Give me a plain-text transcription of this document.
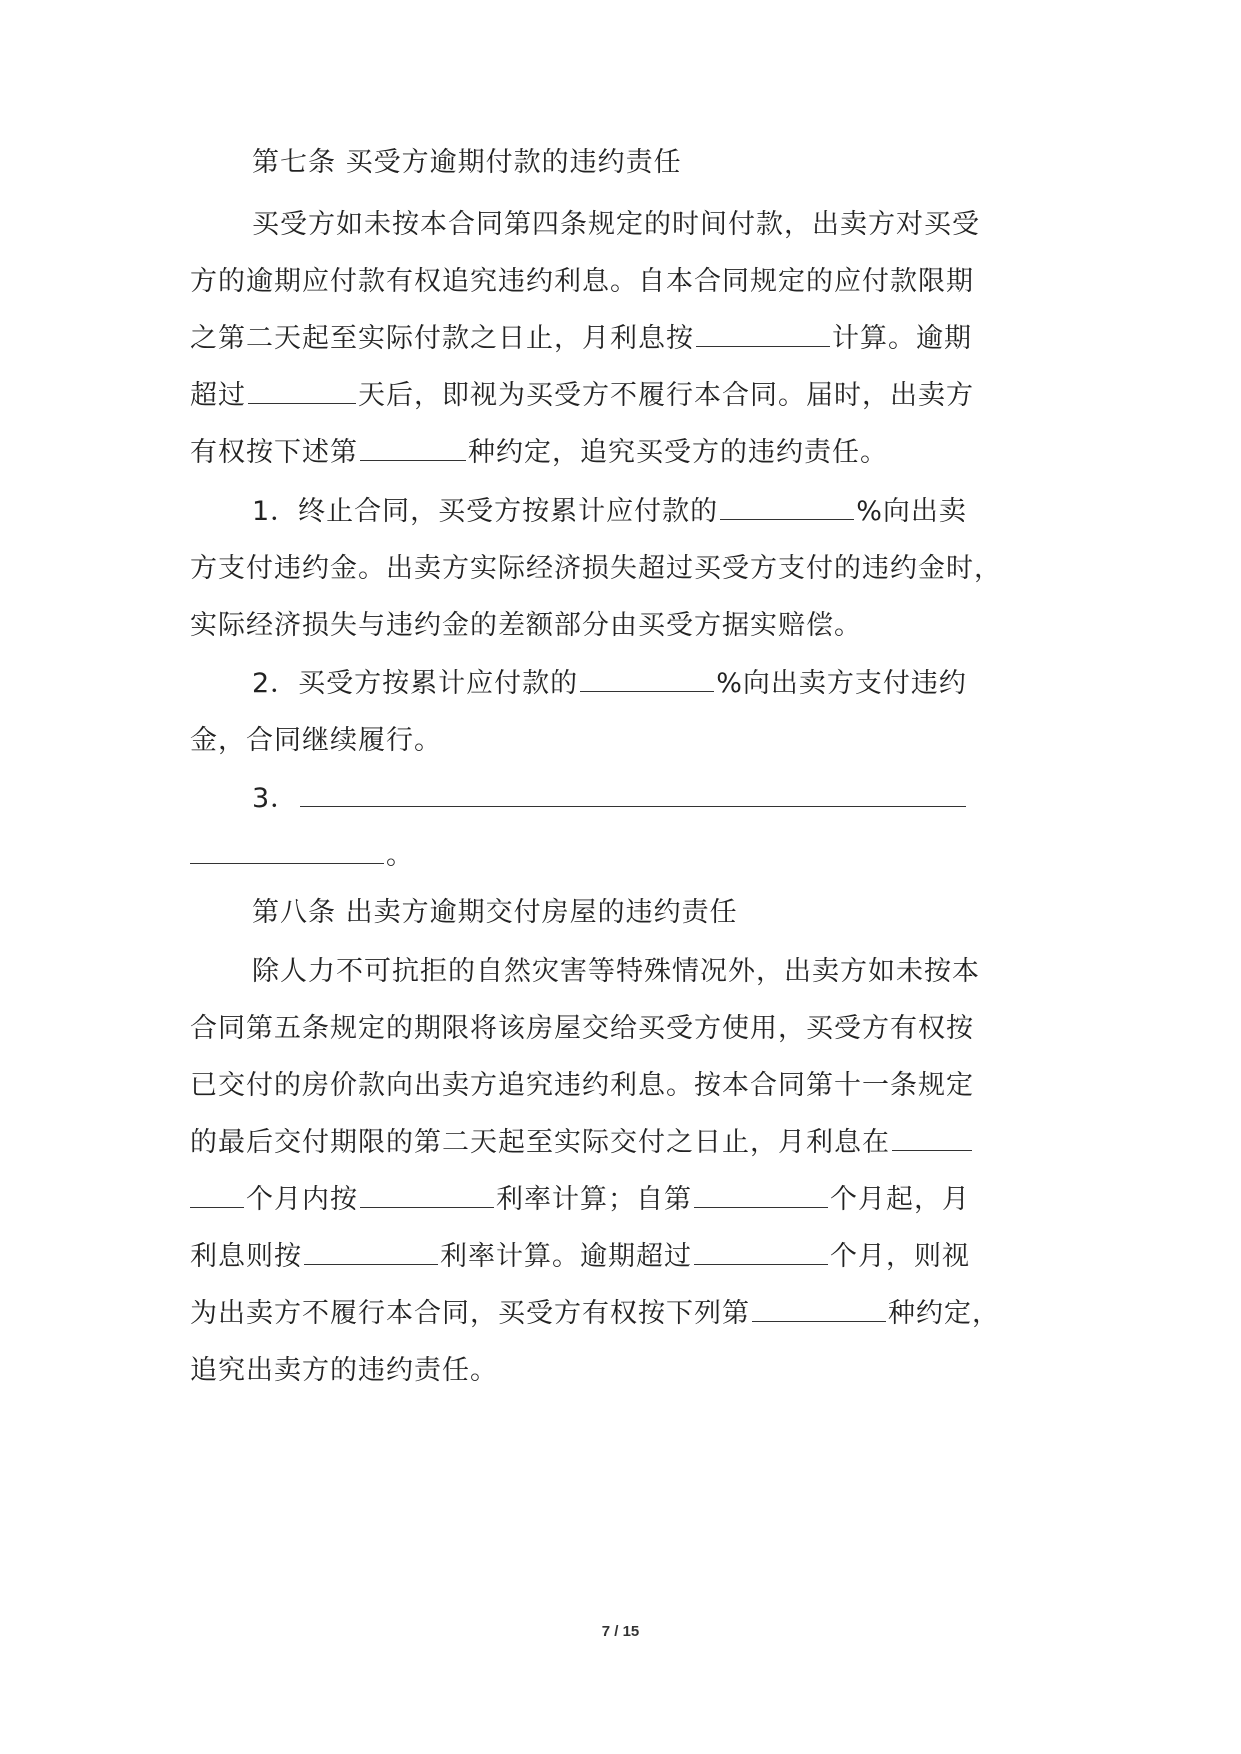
第七条 买受方逾期付款的违约责任
买受方如未按本合同第四条规定的时间付款，出卖方对买受
方的逾期应付款有权追究违约利息。自本合同规定的应付款限期
之第二天起至实际付款之日止，月利息按	计算。逾期
超过	天后，即视为买受方不履行本合同。届时，出卖方
有权按下述第	种约定，追究买受方的违约责任。
1．终止合同，买受方按累计应付款的	%向出卖
方支付违约金。出卖方实际经济损失超过买受方支付的违约金时，
实际经济损失与违约金的差额部分由买受方据实赔偿。
2．买受方按累计应付款的	%向出卖方支付违约
金，合同继续履行。
3．
。
第八条 出卖方逾期交付房屋的违约责任
除人力不可抗拒的自然灾害等特殊情况外，出卖方如未按本
合同第五条规定的期限将该房屋交给买受方使用，买受方有权按
已交付的房价款向出卖方追究违约利息。按本合同第十一条规定
的最后交付期限的第二天起至实际交付之日止，月利息在
个月内按	利率计算；自第	个月起，月
利息则按	利率计算。逾期超过	个月，则视
为出卖方不履行本合同，买受方有权按下列第	种约定，
追究出卖方的违约责任。
7 / 15
